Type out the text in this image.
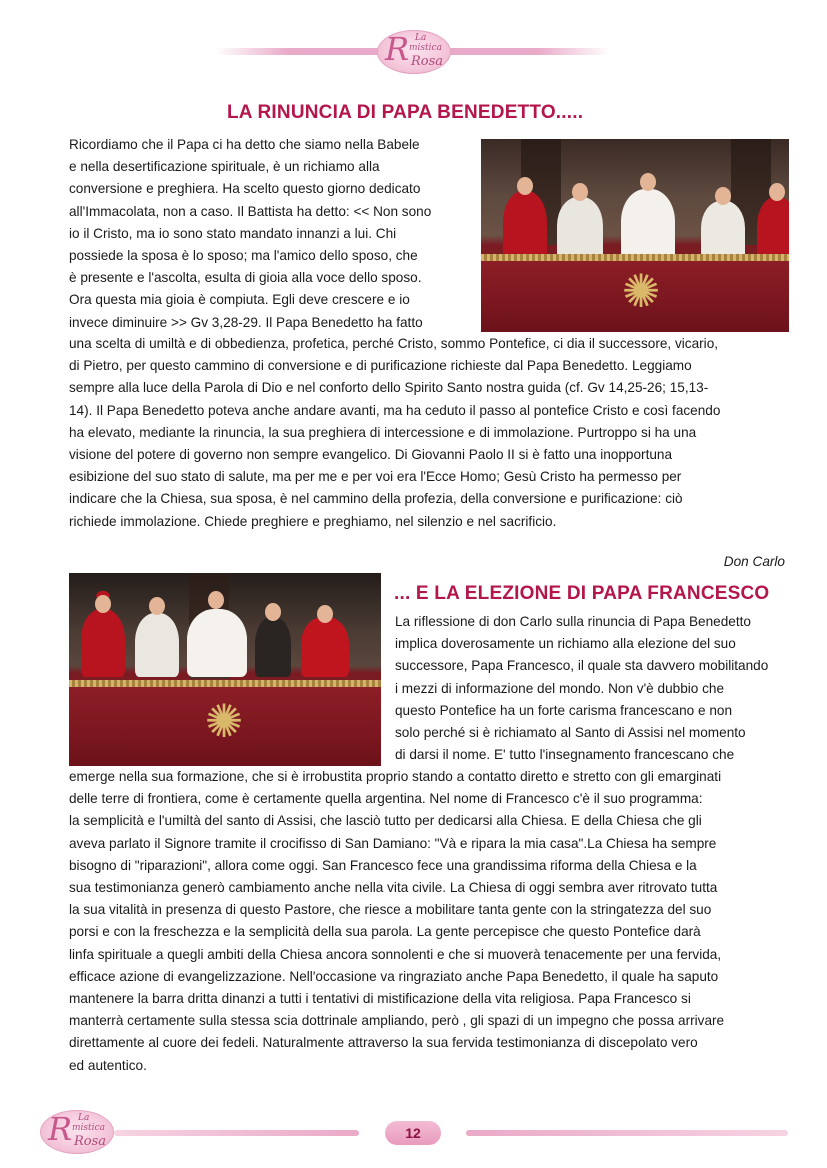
R La
mistica
Rosa
LA RINUNCIA DI PAPA BENEDETTO.....
Ricordiamo che il Papa ci ha detto che siamo nella Babele
e nella desertificazione spirituale, è un richiamo alla
conversione e preghiera. Ha scelto questo giorno dedicato
all'Immacolata, non a caso. Il Battista ha detto: << Non sono
io il Cristo, ma io sono stato mandato innanzi a lui. Chi
possiede la sposa è lo sposo; ma l'amico dello sposo, che
è presente e l'ascolta, esulta di gioia alla voce dello sposo.
Ora questa mia gioia è compiuta. Egli deve crescere e io
invece diminuire >> Gv 3,28-29. Il Papa Benedetto ha fatto
✺
una scelta di umiltà e di obbedienza, profetica, perché Cristo, sommo Pontefice, ci dia il successore, vicario,
di Pietro, per questo cammino di conversione e di purificazione richieste dal Papa Benedetto. Leggiamo
sempre alla luce della Parola di Dio e nel conforto dello Spirito Santo nostra guida (cf. Gv 14,25-26; 15,13-
14). Il Papa Benedetto poteva anche andare avanti, ma ha ceduto il passo al pontefice Cristo e così facendo
ha elevato, mediante la rinuncia, la sua preghiera di intercessione e di immolazione. Purtroppo si ha una
visione del potere di governo non sempre evangelico. Di Giovanni Paolo II si è fatto una inopportuna
esibizione del suo stato di salute, ma per me e per voi era l'Ecce Homo; Gesù Cristo ha permesso per
indicare che la Chiesa, sua sposa, è nel cammino della profezia, della conversione e purificazione: ciò
richiede immolazione. Chiede preghiere e preghiamo, nel silenzio e nel sacrificio.
Don Carlo
✺
... E LA ELEZIONE DI PAPA FRANCESCO
La riflessione di don Carlo sulla rinuncia di Papa Benedetto
implica doverosamente un richiamo alla elezione del suo
successore, Papa Francesco, il quale sta davvero mobilitando
i mezzi di informazione del mondo. Non v'è dubbio che
questo Pontefice ha un forte carisma francescano e non
solo perché si è richiamato al Santo di Assisi nel momento
di darsi il nome. E' tutto l'insegnamento francescano che
emerge nella sua formazione, che si è irrobustita proprio stando a contatto diretto e stretto con gli emarginati
delle terre di frontiera, come è certamente quella argentina. Nel nome di Francesco c'è il suo programma:
la semplicità e l'umiltà del santo di Assisi, che lasciò tutto per dedicarsi alla Chiesa. E della Chiesa che gli
aveva parlato il Signore tramite il crocifisso di San Damiano: "Và e ripara la mia casa".La Chiesa ha sempre
bisogno di "riparazioni", allora come oggi. San Francesco fece una grandissima riforma della Chiesa e la
sua testimonianza generò cambiamento anche nella vita civile. La Chiesa di oggi sembra aver ritrovato tutta
la sua vitalità in presenza di questo Pastore, che riesce a mobilitare tanta gente con la stringatezza del suo
porsi e con la freschezza e la semplicità della sua parola. La gente percepisce che questo Pontefice darà
linfa spirituale a quegli ambiti della Chiesa ancora sonnolenti e che si muoverà tenacemente per una fervida,
efficace azione di evangelizzazione. Nell'occasione va ringraziato anche Papa Benedetto, il quale ha saputo
mantenere la barra dritta dinanzi a tutti i tentativi di mistificazione della vita religiosa. Papa Francesco si
manterrà certamente sulla stessa scia dottrinale ampliando, però , gli spazi di un impegno che possa arrivare
direttamente al cuore dei fedeli. Naturalmente attraverso la sua fervida testimonianza di discepolato vero
ed autentico.
R La
mistica
Rosa
12
